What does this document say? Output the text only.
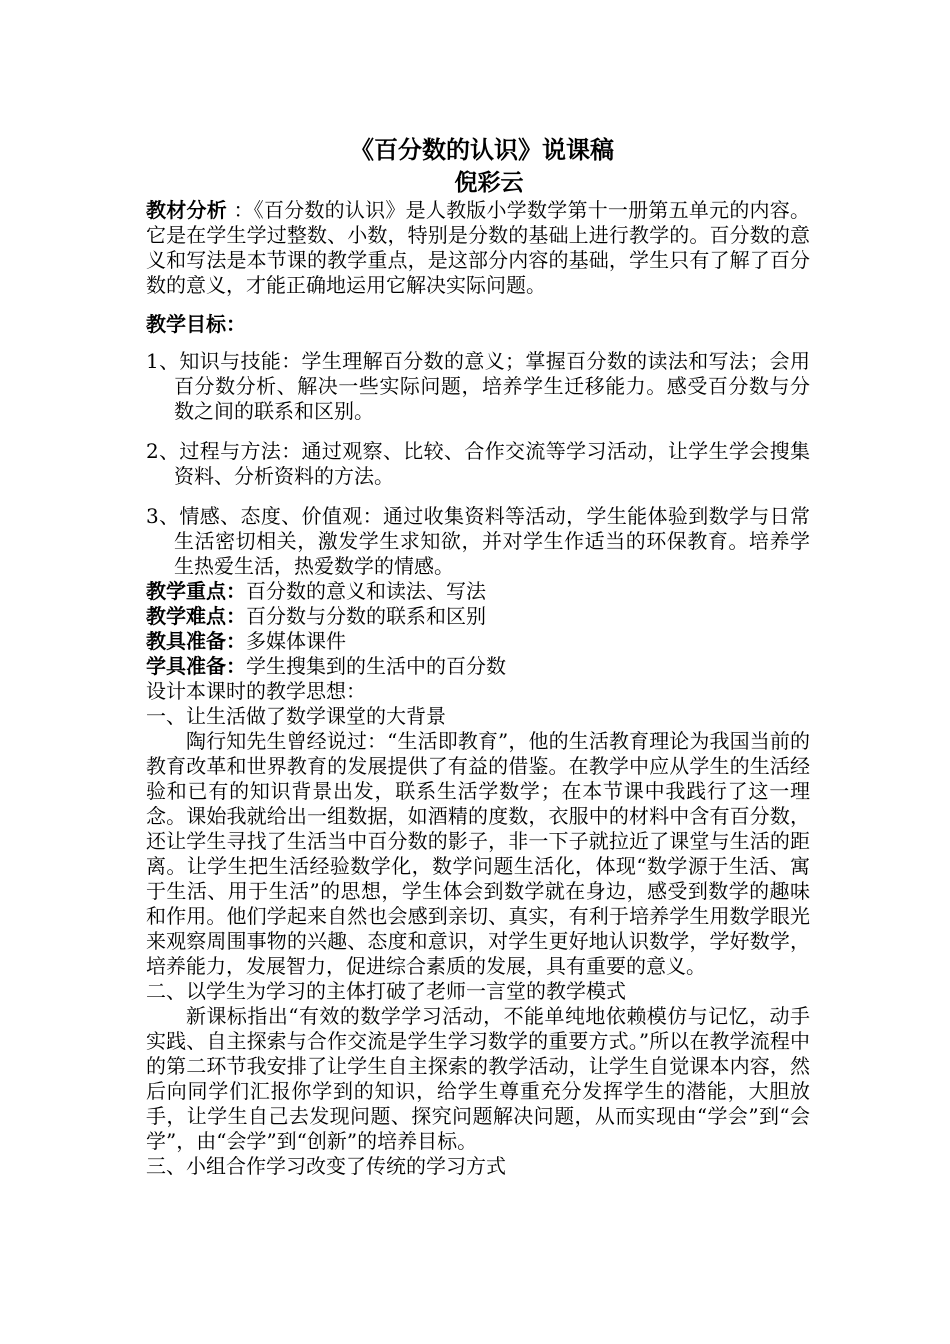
《百分数的认识》说课稿
倪彩云

教材分析 ：《百分数的认识》是人教版小学数学第十一册第五单元的内容。它是在学生学过整数、小数，特别是分数的基础上进行教学的。百分数的意义和写法是本节课的教学重点，是这部分内容的基础，学生只有了解了百分数的意义，才能正确地运用它解决实际问题。

教学目标：

1、知识与技能：学生理解百分数的意义；掌握百分数的读法和写法；会用百分数分析、解决一些实际问题，培养学生迁移能力。感受百分数与分数之间的联系和区别。

2、过程与方法：通过观察、比较、合作交流等学习活动，让学生学会搜集资料、分析资料的方法。

3、情感、态度、价值观：通过收集资料等活动，学生能体验到数学与日常生活密切相关，激发学生求知欲，并对学生作适当的环保教育。培养学生热爱生活，热爱数学的情感。

教学重点：百分数的意义和读法、写法

教学难点：百分数与分数的联系和区别

教具准备：多媒体课件

学具准备：学生搜集到的生活中的百分数

设计本课时的教学思想：

一、让生活做了数学课堂的大背景

陶行知先生曾经说过：“生活即教育”，他的生活教育理论为我国当前的教育改革和世界教育的发展提供了有益的借鉴。在教学中应从学生的生活经验和已有的知识背景出发，联系生活学数学；在本节课中我践行了这一理念。课始我就给出一组数据，如酒精的度数，衣服中的材料中含有百分数，还让学生寻找了生活当中百分数的影子，非一下子就拉近了课堂与生活的距离。让学生把生活经验数学化，数学问题生活化，体现“数学源于生活、寓于生活、用于生活”的思想，学生体会到数学就在身边，感受到数学的趣味和作用。他们学起来自然也会感到亲切、真实，有利于培养学生用数学眼光来观察周围事物的兴趣、态度和意识，对学生更好地认识数学，学好数学，培养能力，发展智力，促进综合素质的发展，具有重要的意义。

二、以学生为学习的主体打破了老师一言堂的教学模式

新课标指出“有效的数学学习活动，不能单纯地依赖模仿与记忆，动手实践、自主探索与合作交流是学生学习数学的重要方式。”所以在教学流程中的第二环节我安排了让学生自主探索的教学活动，让学生自觉课本内容，然后向同学们汇报你学到的知识，给学生尊重充分发挥学生的潜能，大胆放手，让学生自己去发现问题、探究问题解决问题，从而实现由“学会”到“会学”，由“会学”到“创新”的培养目标。

三、小组合作学习改变了传统的学习方式
